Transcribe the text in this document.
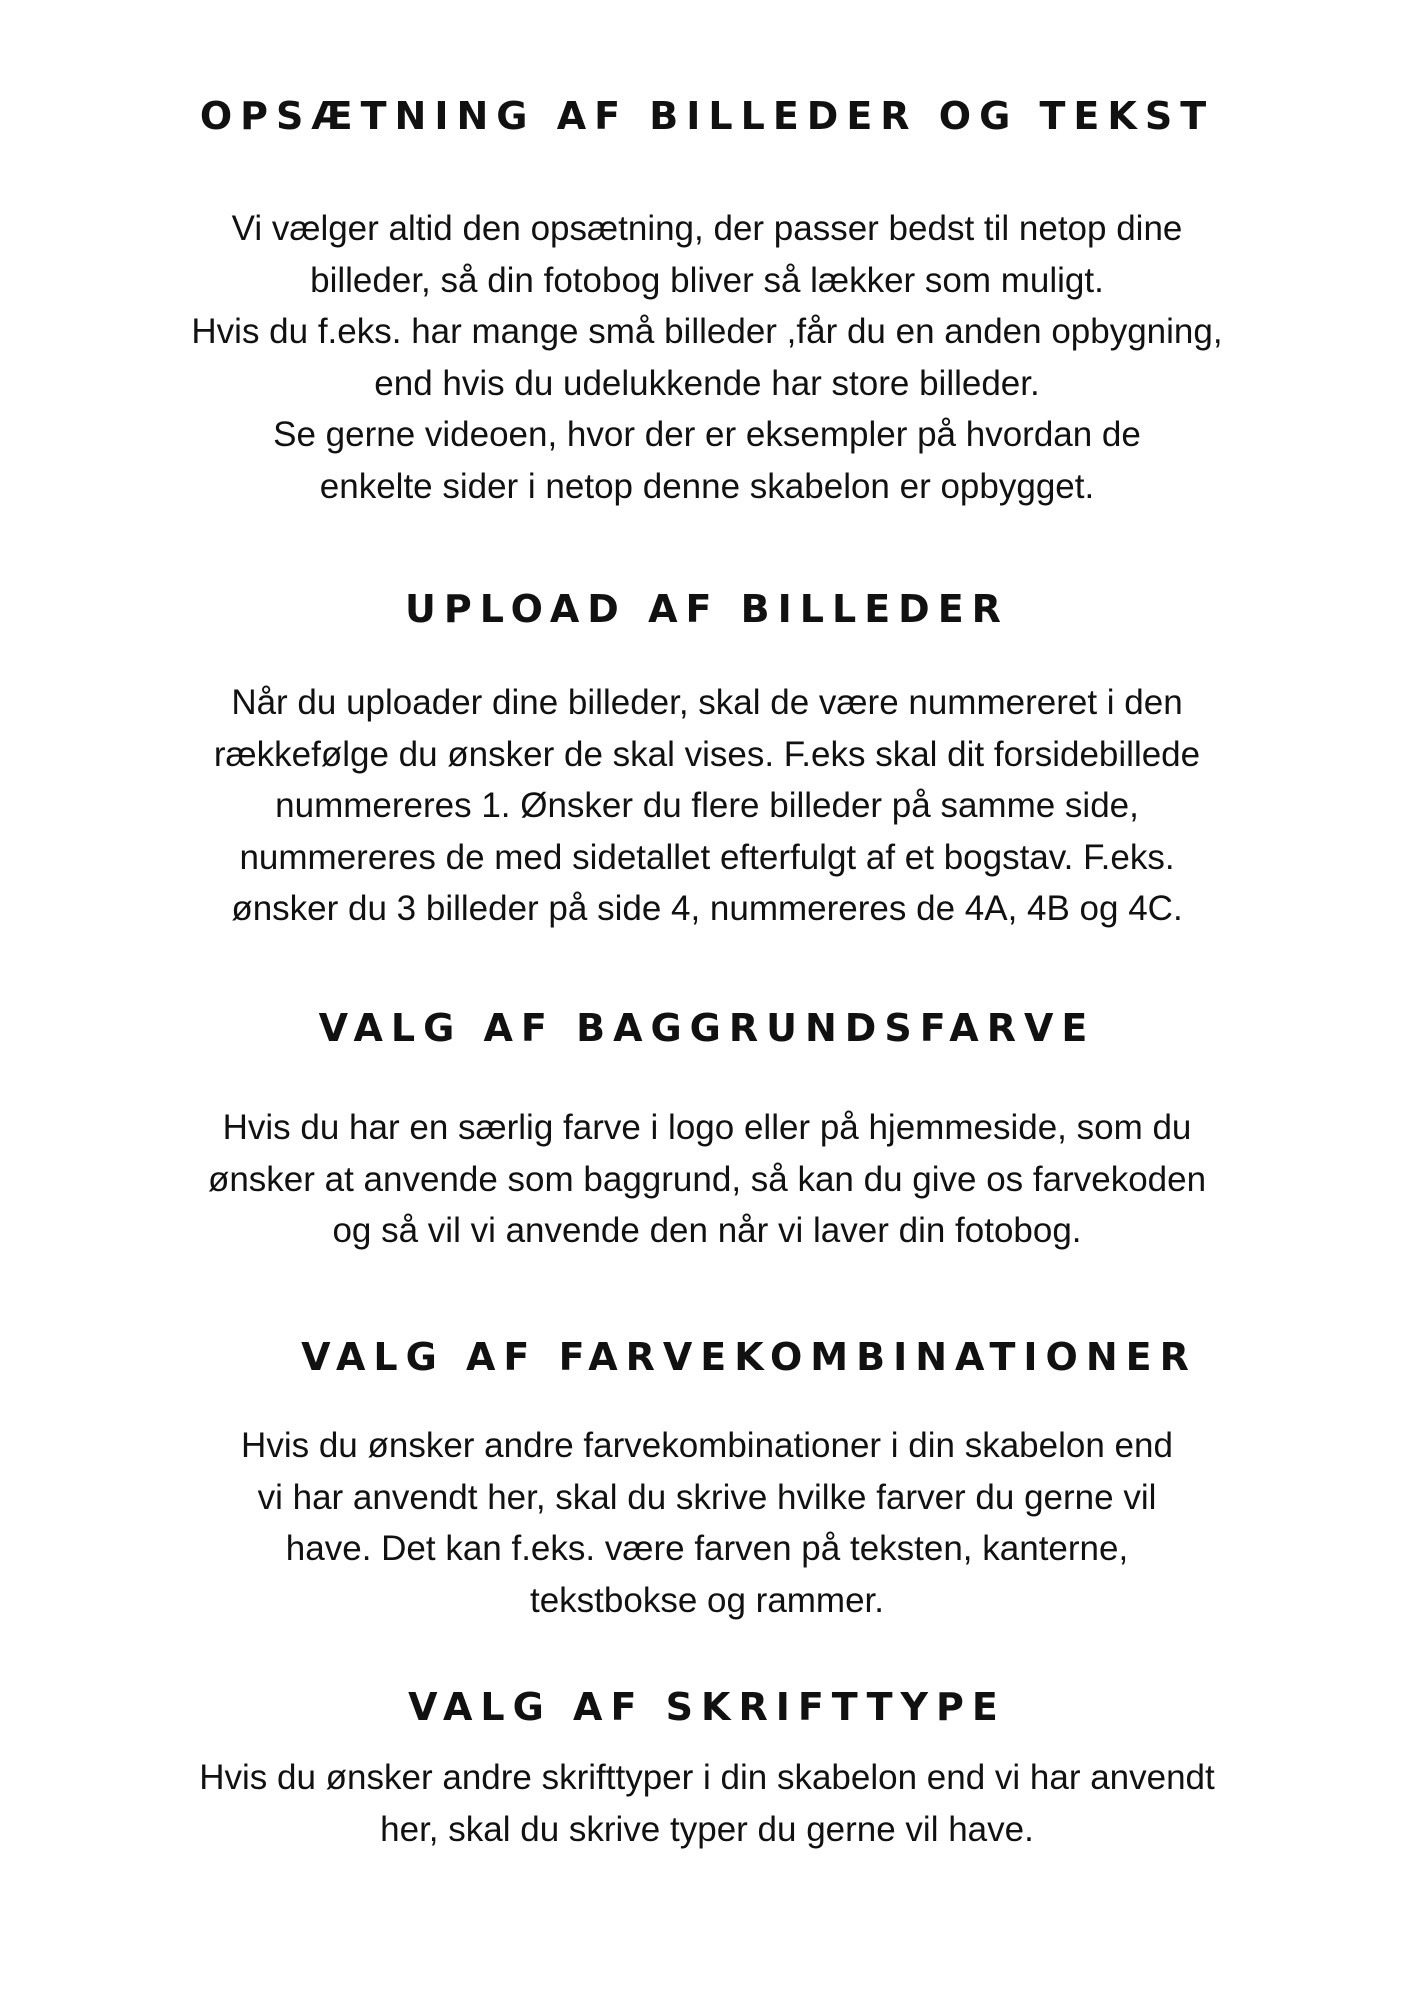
OPSÆTNING AF BILLEDER OG TEKST
Vi vælger altid den opsætning, der passer bedst til netop dine
billeder, så din fotobog bliver så lækker som muligt.
Hvis du f.eks. har mange små billeder ,får du en anden opbygning,
end hvis du udelukkende har store billeder.
Se gerne videoen, hvor der er eksempler på hvordan de
enkelte sider i netop denne skabelon er opbygget.
UPLOAD AF BILLEDER
Når du uploader dine billeder, skal de være nummereret i den
rækkefølge du ønsker de skal vises. F.eks skal dit forsidebillede
nummereres 1. Ønsker du flere billeder på samme side,
nummereres de med sidetallet efterfulgt af et bogstav. F.eks.
ønsker du 3 billeder på side 4, nummereres de 4A, 4B og 4C.
VALG AF BAGGRUNDSFARVE
Hvis du har en særlig farve i logo eller på hjemmeside, som du
ønsker at anvende som baggrund, så kan du give os farvekoden
og så vil vi anvende den når vi laver din fotobog.
VALG AF FARVEKOMBINATIONER
Hvis du ønsker andre farvekombinationer i din skabelon end
vi har anvendt her, skal du skrive hvilke farver du gerne vil
have. Det kan f.eks. være farven på teksten, kanterne,
tekstbokse og rammer.
VALG AF SKRIFTTYPE
Hvis du ønsker andre skrifttyper i din skabelon end vi har anvendt
her, skal du skrive typer du gerne vil have.
